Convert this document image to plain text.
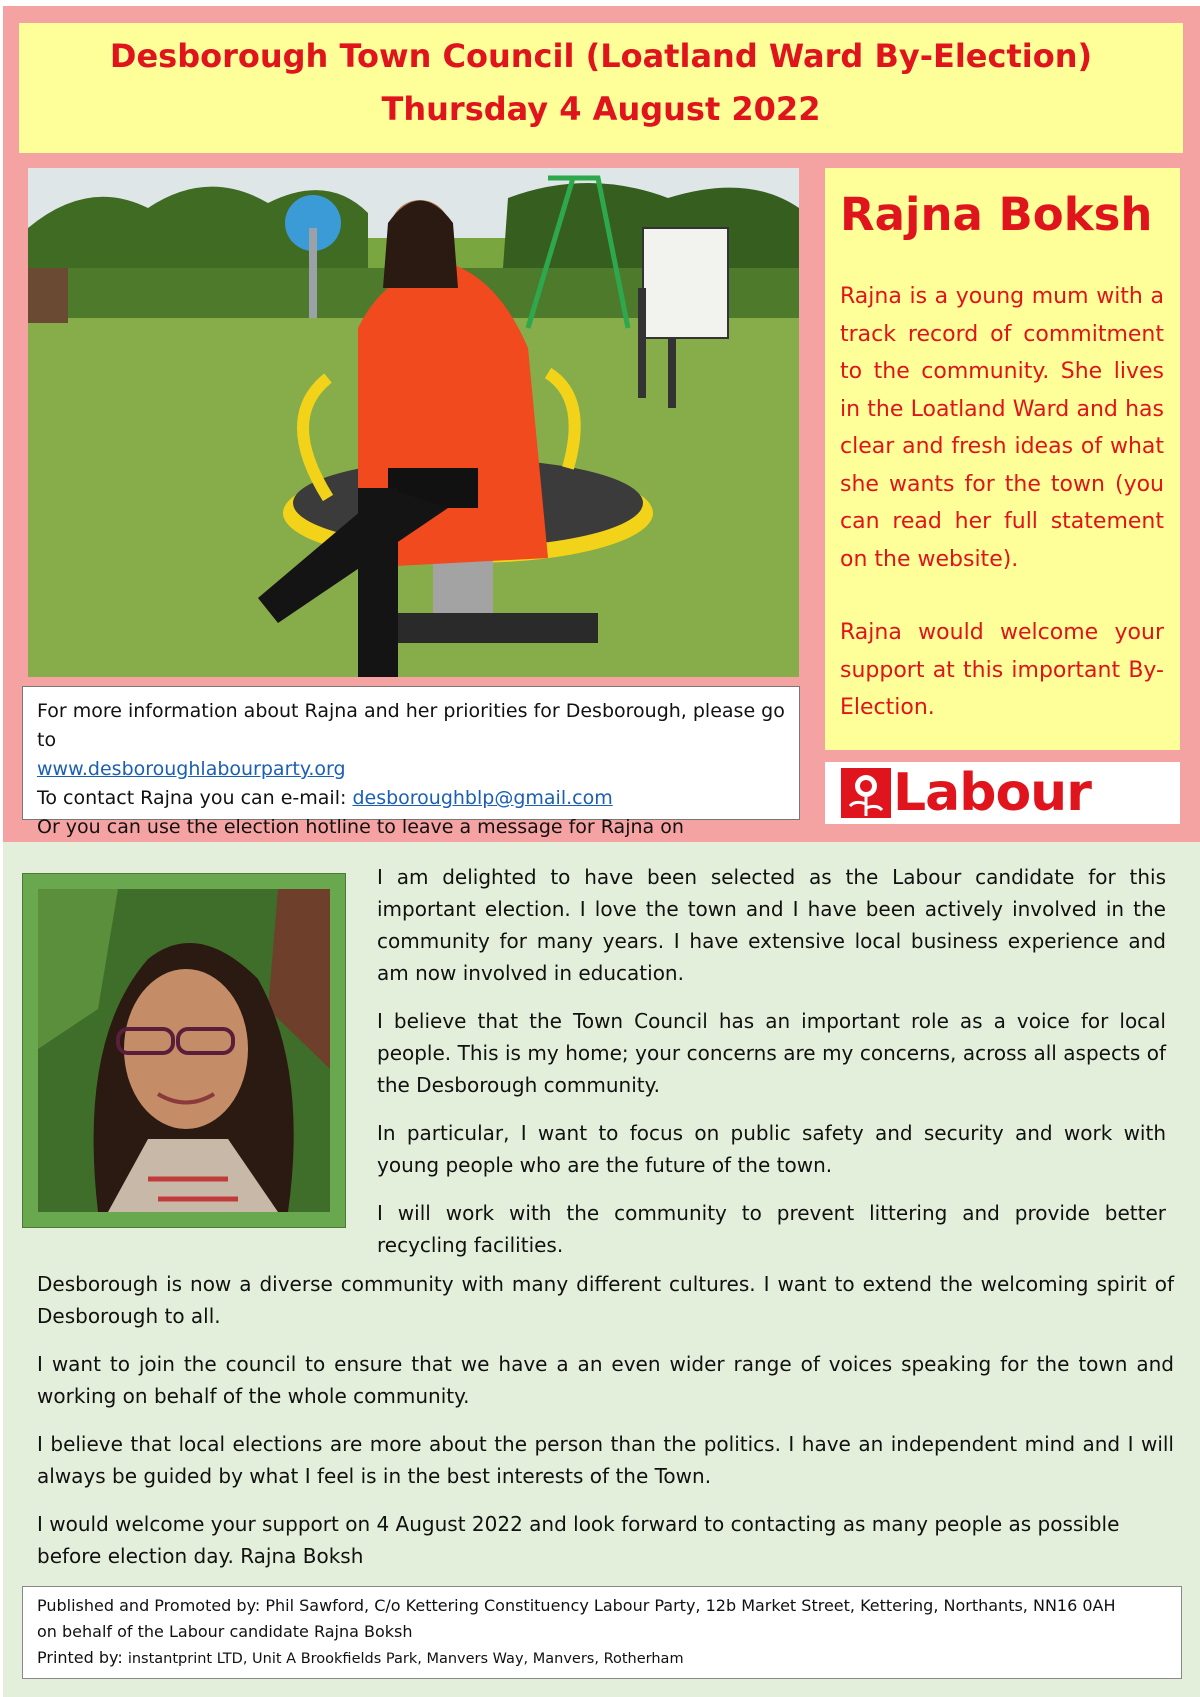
Desborough Town Council (Loatland Ward By-Election)
Thursday 4 August 2022
Rajna Boksh

Rajna is a young mum with a track record of commitment to the community. She lives in the Loatland Ward and has clear and fresh ideas of what she wants for the town (you can read her full statement on the website).

Rajna would welcome your support at this important By-Election.

Labour
For more information about Rajna and her priorities for Desborough, please go to
www.desboroughlabourparty.org
To contact Rajna you can e-mail: desboroughblp@gmail.com
Or you can use the election hotline to leave a message for Rajna on

I am delighted to have been selected as the Labour candidate for this important election. I love the town and I have been actively involved in the community for many years. I have extensive local business experience and am now involved in education.

I believe that the Town Council has an important role as a voice for local people. This is my home; your concerns are my concerns, across all aspects of the Desborough community.

In particular, I want to focus on public safety and security and work with young people who are the future of the town.

I will work with the community to prevent littering and provide better recycling facilities.

Desborough is now a diverse community with many different cultures. I want to extend the welcoming spirit of Desborough to all.

I want to join the council to ensure that we have a an even wider range of voices speaking for the town and working on behalf of the whole community.

I believe that local elections are more about the person than the politics. I have an independent mind and I will always be guided by what I feel is in the best interests of the Town.

I would welcome your support on 4 August 2022 and look forward to contacting as many people as possible before election day. Rajna Boksh

Published and Promoted by: Phil Sawford, C/o Kettering Constituency Labour Party, 12b Market Street, Kettering, Northants, NN16 0AH
on behalf of the Labour candidate Rajna Boksh
Printed by: instantprint LTD, Unit A Brookfields Park, Manvers Way, Manvers, Rotherham
